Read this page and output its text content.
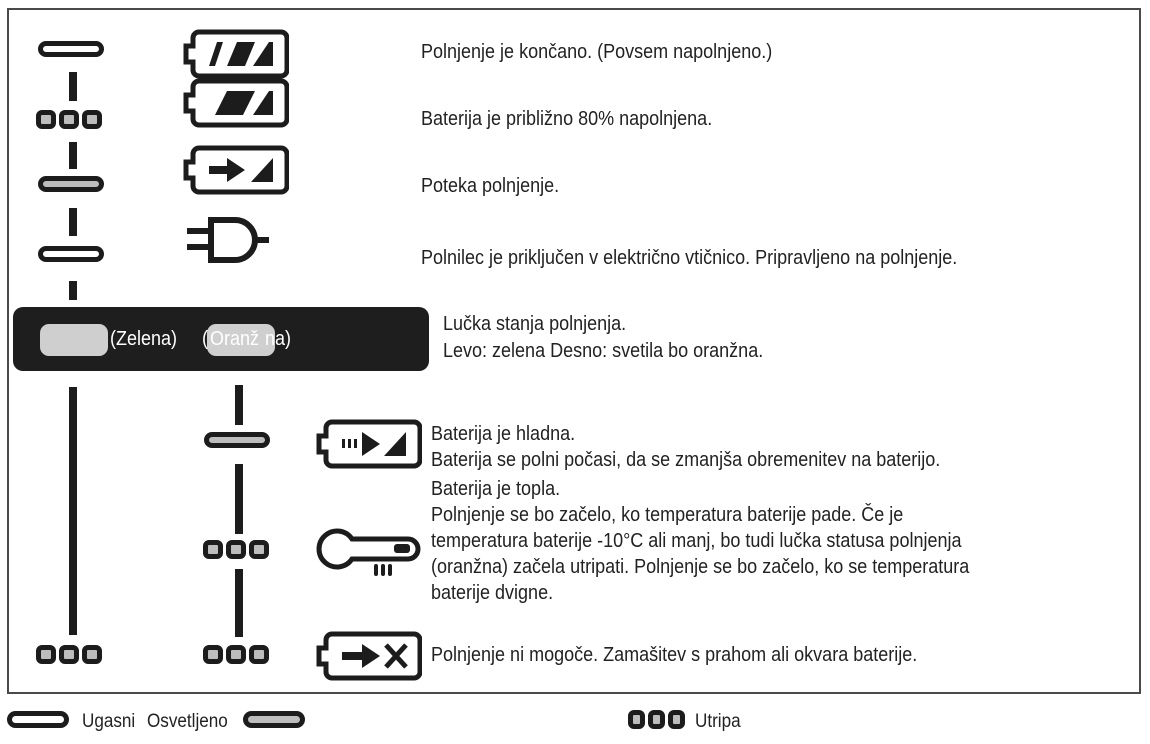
Polnjenje je končano. (Povsem napolnjeno.)
Baterija je približno 80% napolnjena.
Poteka polnjenje.
Polnilec je priključen v električno vtičnico. Pripravljeno na polnjenje.
(Zelena) ( Oranž na)
Lučka stanja polnjenja.
Levo: zelena Desno: svetila bo oranžna.
Baterija je hladna.
Baterija se polni počasi, da se zmanjša obremenitev na baterijo.
Baterija je topla.
Polnjenje se bo začelo, ko temperatura baterije pade. Če je
temperatura baterije -10°C ali manj, bo tudi lučka statusa polnjenja
(oranžna) začela utripati. Polnjenje se bo začelo, ko se temperatura
baterije dvigne.
Polnjenje ni mogoče. Zamašitev s prahom ali okvara baterije.
Ugasni Osvetljeno	Utripa
